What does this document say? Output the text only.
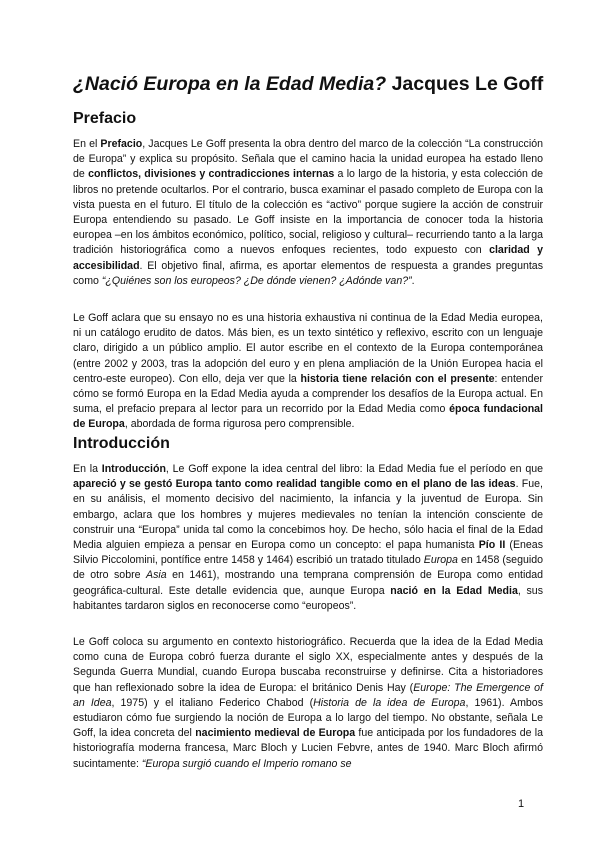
¿Nació Europa en la Edad Media? Jacques Le Goff
Prefacio

En el Prefacio, Jacques Le Goff presenta la obra dentro del marco de la colección “La construcción de Europa” y explica su propósito. Señala que el camino hacia la unidad europea ha estado lleno de conflictos, divisiones y contradicciones internas a lo largo de la historia, y esta colección de libros no pretende ocultarlos. Por el contrario, busca examinar el pasado completo de Europa con la vista puesta en el futuro. El título de la colección es “activo” porque sugiere la acción de construir Europa entendiendo su pasado. Le Goff insiste en la importancia de conocer toda la historia europea –en los ámbitos económico, político, social, religioso y cultural– recurriendo tanto a la larga tradición historiográfica como a nuevos enfoques recientes, todo expuesto con claridad y accesibilidad. El objetivo final, afirma, es aportar elementos de respuesta a grandes preguntas como “¿Quiénes son los europeos? ¿De dónde vienen? ¿Adónde van?”.

Le Goff aclara que su ensayo no es una historia exhaustiva ni continua de la Edad Media europea, ni un catálogo erudito de datos. Más bien, es un texto sintético y reflexivo, escrito con un lenguaje claro, dirigido a un público amplio. El autor escribe en el contexto de la Europa contemporánea (entre 2002 y 2003, tras la adopción del euro y en plena ampliación de la Unión Europea hacia el centro-este europeo). Con ello, deja ver que la historia tiene relación con el presente: entender cómo se formó Europa en la Edad Media ayuda a comprender los desafíos de la Europa actual. En suma, el prefacio prepara al lector para un recorrido por la Edad Media como época fundacional de Europa, abordada de forma rigurosa pero comprensible.

Introducción

En la Introducción, Le Goff expone la idea central del libro: la Edad Media fue el período en que apareció y se gestó Europa tanto como realidad tangible como en el plano de las ideas. Fue, en su análisis, el momento decisivo del nacimiento, la infancia y la juventud de Europa. Sin embargo, aclara que los hombres y mujeres medievales no tenían la intención consciente de construir una “Europa” unida tal como la concebimos hoy. De hecho, sólo hacia el final de la Edad Media alguien empieza a pensar en Europa como un concepto: el papa humanista Pío II (Eneas Silvio Piccolomini, pontífice entre 1458 y 1464) escribió un tratado titulado Europa en 1458 (seguido de otro sobre Asia en 1461), mostrando una temprana comprensión de Europa como entidad geográfica-cultural. Este detalle evidencia que, aunque Europa nació en la Edad Media, sus habitantes tardaron siglos en reconocerse como “europeos”.

Le Goff coloca su argumento en contexto historiográfico. Recuerda que la idea de la Edad Media como cuna de Europa cobró fuerza durante el siglo XX, especialmente antes y después de la Segunda Guerra Mundial, cuando Europa buscaba reconstruirse y definirse. Cita a historiadores que han reflexionado sobre la idea de Europa: el británico Denis Hay (Europe: The Emergence of an Idea, 1975) y el italiano Federico Chabod (Historia de la idea de Europa, 1961). Ambos estudiaron cómo fue surgiendo la noción de Europa a lo largo del tiempo. No obstante, señala Le Goff, la idea concreta del nacimiento medieval de Europa fue anticipada por los fundadores de la historiografía moderna francesa, Marc Bloch y Lucien Febvre, antes de 1940. Marc Bloch afirmó sucintamente: “Europa surgió cuando el Imperio romano se

1
